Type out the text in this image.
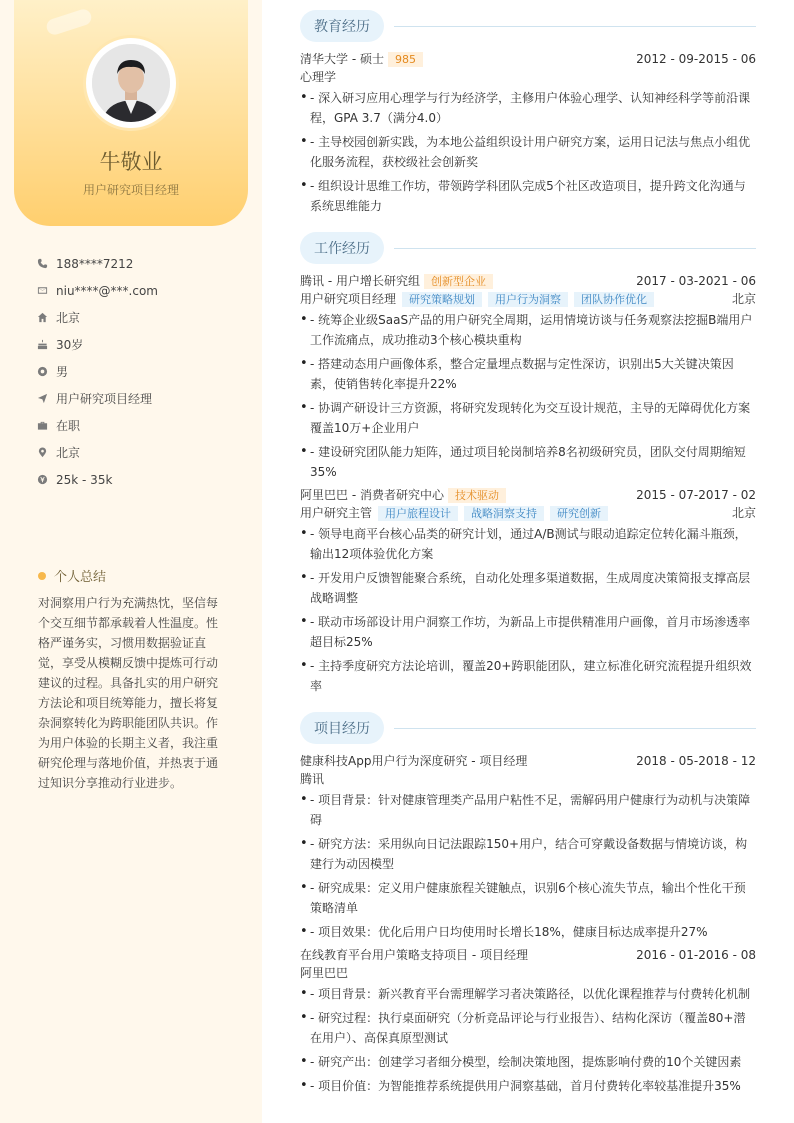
牛敬业
用户研究项目经理
188****7212
niu****@***.com
北京
30岁
男
用户研究项目经理
在职
北京
25k - 35k
个人总结
对洞察用户行为充满热忱，坚信每个交互细节都承载着人性温度。性格严谨务实，习惯用数据验证直觉，享受从模糊反馈中提炼可行动建议的过程。具备扎实的用户研究方法论和项目统筹能力，擅长将复杂洞察转化为跨职能团队共识。作为用户体验的长期主义者，我注重研究伦理与落地价值，并热衷于通过知识分享推动行业进步。
教育经历
清华大学 - 硕士	985	2012 - 09-2015 - 06
心理学
• - 深入研习应用心理学与行为经济学，主修用户体验心理学、认知神经科学等前沿课程，GPA 3.7（满分4.0）
• - 主导校园创新实践，为本地公益组织设计用户研究方案，运用日记法与焦点小组优化服务流程，获校级社会创新奖
• - 组织设计思维工作坊，带领跨学科团队完成5个社区改造项目，提升跨文化沟通与系统思维能力
工作经历
腾讯 - 用户增长研究组	创新型企业	2017 - 03-2021 - 06
用户研究项目经理	研究策略规划	用户行为洞察	团队协作优化	北京
• - 统筹企业级SaaS产品的用户研究全周期，运用情境访谈与任务观察法挖掘B端用户工作流痛点，成功推动3个核心模块重构
• - 搭建动态用户画像体系，整合定量埋点数据与定性深访，识别出5大关键决策因素，使销售转化率提升22%
• - 协调产研设计三方资源，将研究发现转化为交互设计规范，主导的无障碍优化方案覆盖10万+企业用户
• - 建设研究团队能力矩阵，通过项目轮岗制培养8名初级研究员，团队交付周期缩短35%
阿里巴巴 - 消费者研究中心	技术驱动	2015 - 07-2017 - 02
用户研究主管	用户旅程设计	战略洞察支持	研究创新	北京
• - 领导电商平台核心品类的研究计划，通过A/B测试与眼动追踪定位转化漏斗瓶颈，输出12项体验优化方案
• - 开发用户反馈智能聚合系统，自动化处理多渠道数据，生成周度决策简报支撑高层战略调整
• - 联动市场部设计用户洞察工作坊，为新品上市提供精准用户画像，首月市场渗透率超目标25%
• - 主持季度研究方法论培训，覆盖20+跨职能团队，建立标准化研究流程提升组织效率
项目经历
健康科技App用户行为深度研究 - 项目经理	2018 - 05-2018 - 12
腾讯
• - 项目背景：针对健康管理类产品用户粘性不足，需解码用户健康行为动机与决策障碍
• - 研究方法：采用纵向日记法跟踪150+用户，结合可穿戴设备数据与情境访谈，构建行为动因模型
• - 研究成果：定义用户健康旅程关键触点，识别6个核心流失节点，输出个性化干预策略清单
• - 项目效果：优化后用户日均使用时长增长18%，健康目标达成率提升27%
在线教育平台用户策略支持项目 - 项目经理	2016 - 01-2016 - 08
阿里巴巴
• - 项目背景：新兴教育平台需理解学习者决策路径，以优化课程推荐与付费转化机制
• - 研究过程：执行桌面研究（分析竞品评论与行业报告）、结构化深访（覆盖80+潜在用户）、高保真原型测试
• - 研究产出：创建学习者细分模型，绘制决策地图，提炼影响付费的10个关键因素
• - 项目价值：为智能推荐系统提供用户洞察基础，首月付费转化率较基准提升35%
